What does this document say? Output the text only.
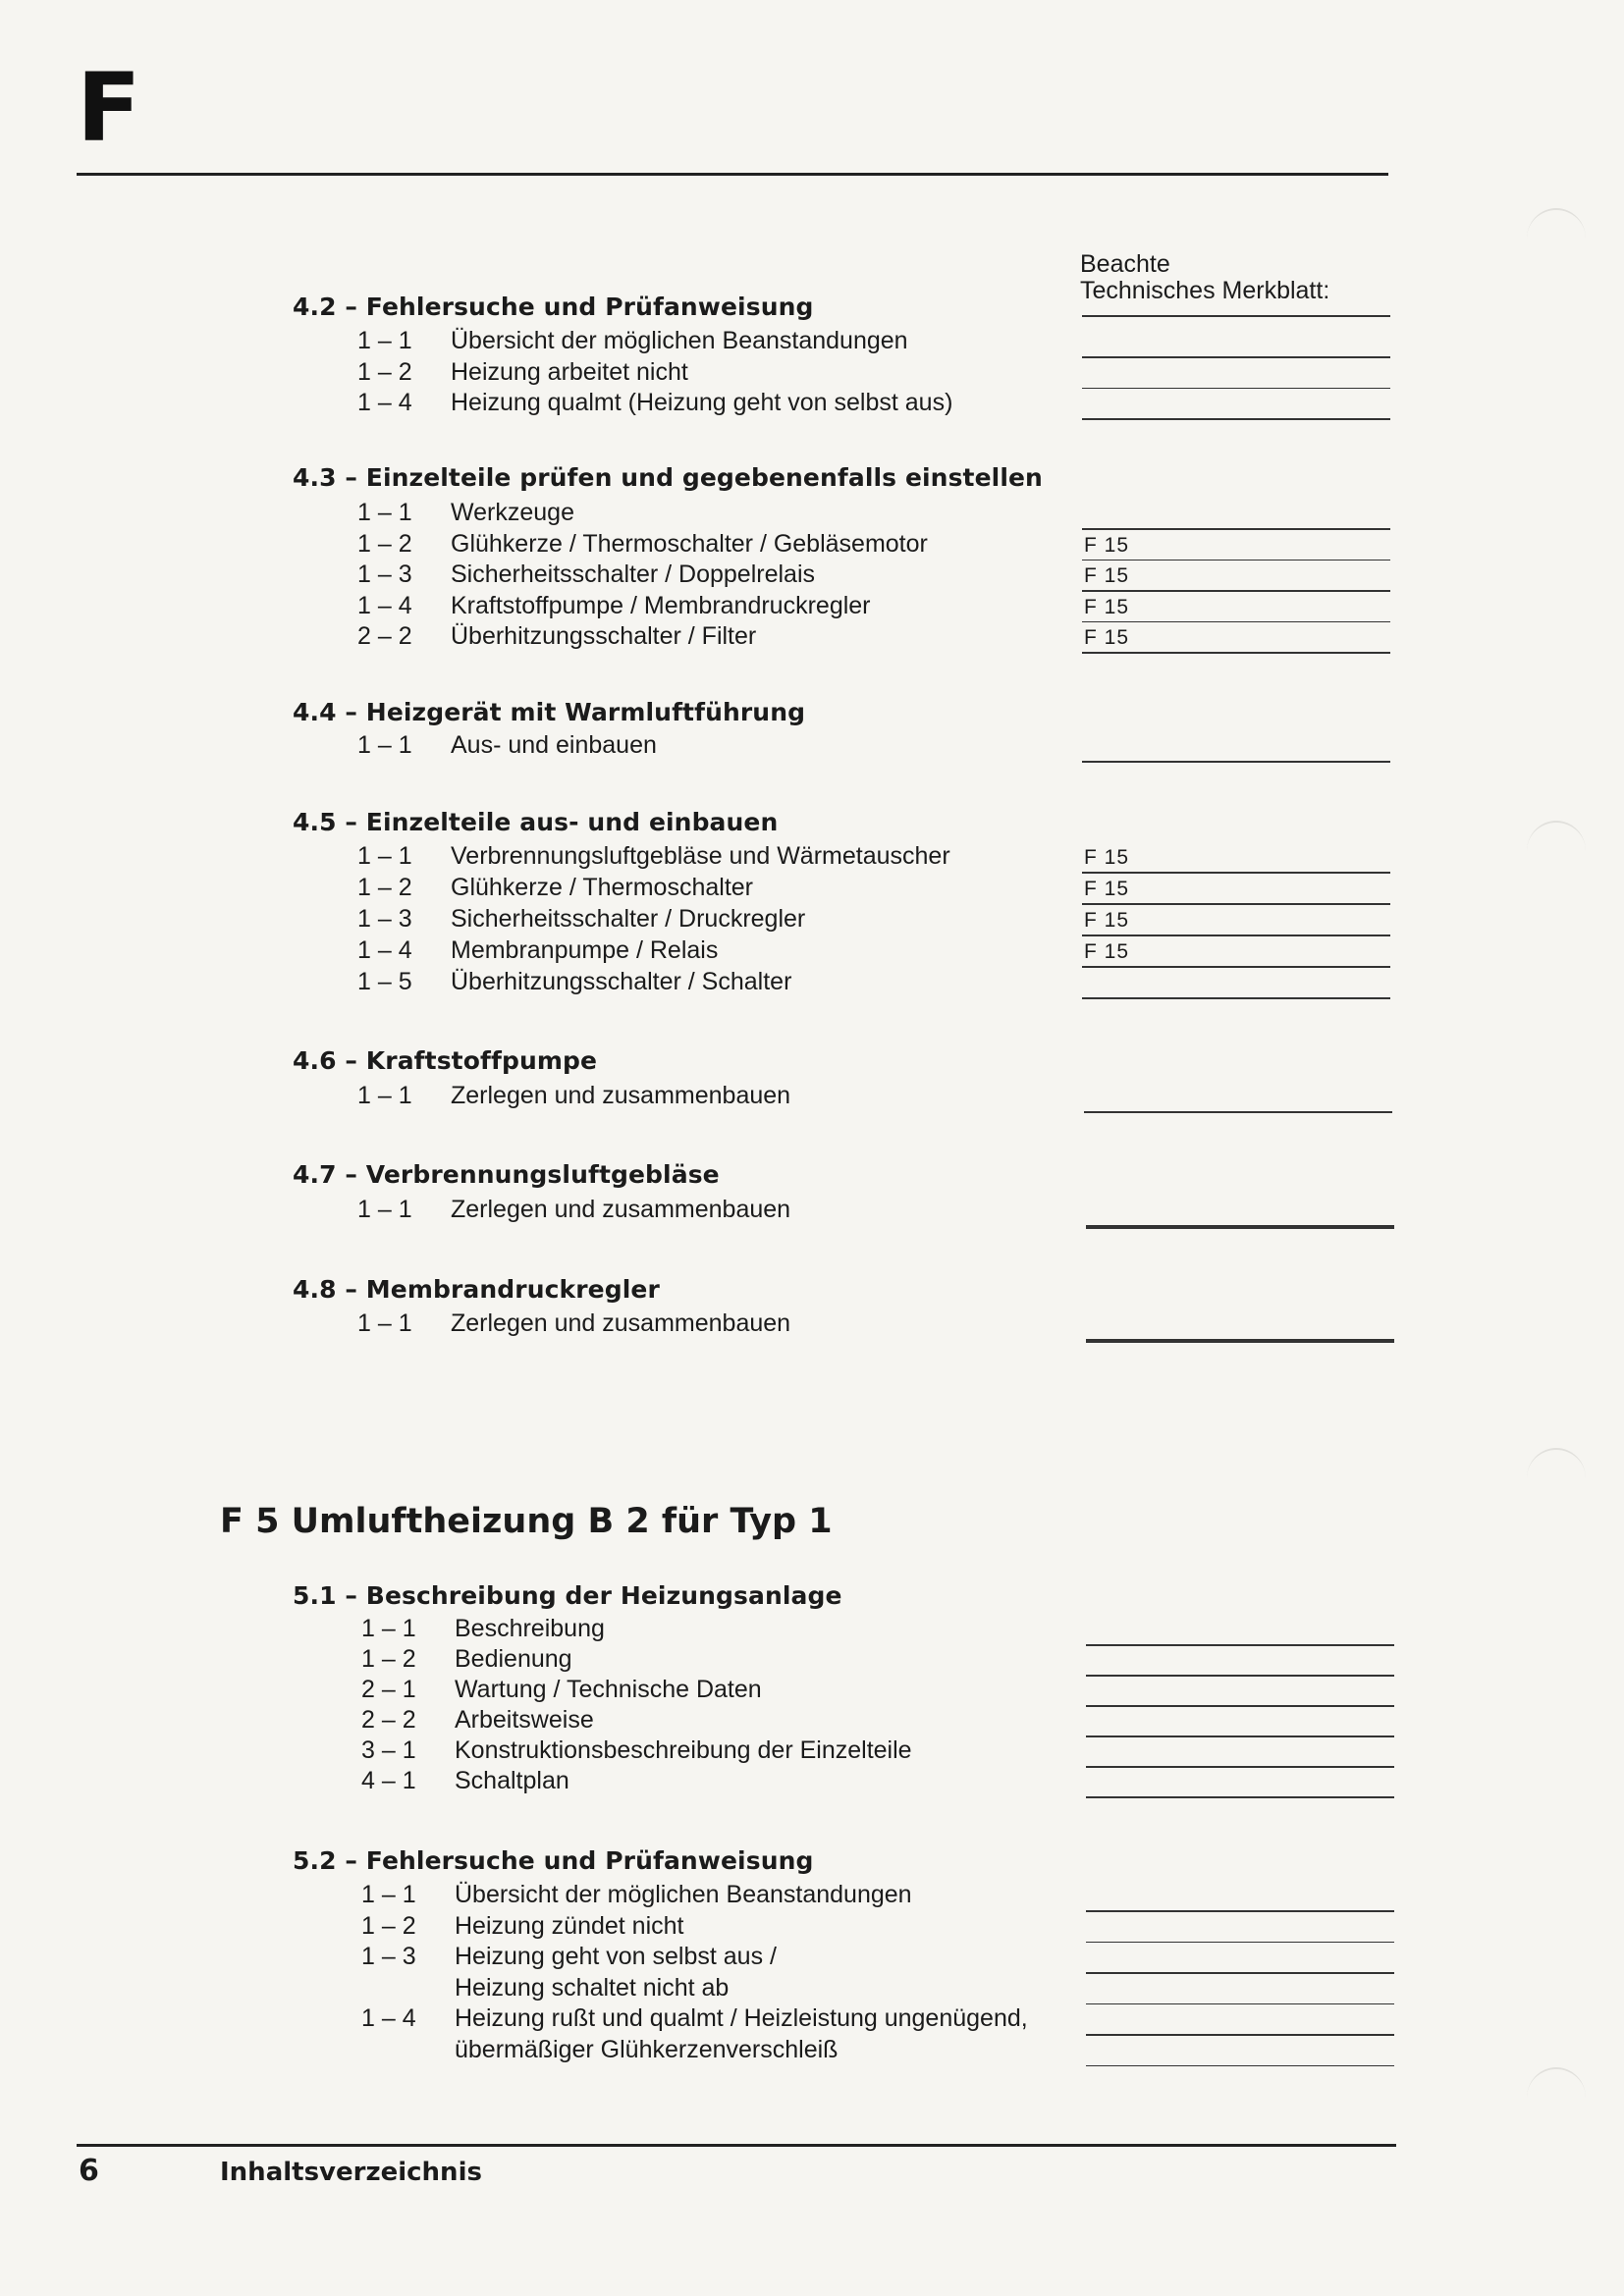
F
Beachte
Technisches Merkblatt:
4.2 – Fehlersuche und Prüfanweisung
1 – 1 Übersicht der möglichen Beanstandungen
1 – 2 Heizung arbeitet nicht
1 – 4 Heizung qualmt (Heizung geht von selbst aus)
4.3 – Einzelteile prüfen und gegebenenfalls einstellen
1 – 1 Werkzeuge
1 – 2 Glühkerze / Thermoschalter / Gebläsemotor	F 15
1 – 3 Sicherheitsschalter / Doppelrelais	F 15
1 – 4 Kraftstoffpumpe / Membrandruckregler	F 15
2 – 2 Überhitzungsschalter / Filter	F 15
4.4 – Heizgerät mit Warmluftführung
1 – 1 Aus- und einbauen
4.5 – Einzelteile aus- und einbauen
1 – 1 Verbrennungsluftgebläse und Wärmetauscher	F 15
1 – 2 Glühkerze / Thermoschalter	F 15
1 – 3 Sicherheitsschalter / Druckregler	F 15
1 – 4 Membranpumpe / Relais	F 15
1 – 5 Überhitzungsschalter / Schalter
4.6 – Kraftstoffpumpe
1 – 1 Zerlegen und zusammenbauen
4.7 – Verbrennungsluftgebläse
1 – 1 Zerlegen und zusammenbauen
4.8 – Membrandruckregler
1 – 1 Zerlegen und zusammenbauen
5.1 – Beschreibung der Heizungsanlage
1 – 1 Beschreibung
1 – 2 Bedienung
2 – 1 Wartung / Technische Daten
2 – 2 Arbeitsweise
3 – 1 Konstruktionsbeschreibung der Einzelteile
4 – 1 Schaltplan
5.2 – Fehlersuche und Prüfanweisung
1 – 1 Übersicht der möglichen Beanstandungen
1 – 2 Heizung zündet nicht
1 – 3 Heizung geht von selbst aus /
Heizung schaltet nicht ab
1 – 4 Heizung rußt und qualmt / Heizleistung ungenügend,
übermäßiger Glühkerzenverschleiß
F 5 Umluftheizung B 2 für Typ 1
6	Inhaltsverzeichnis
